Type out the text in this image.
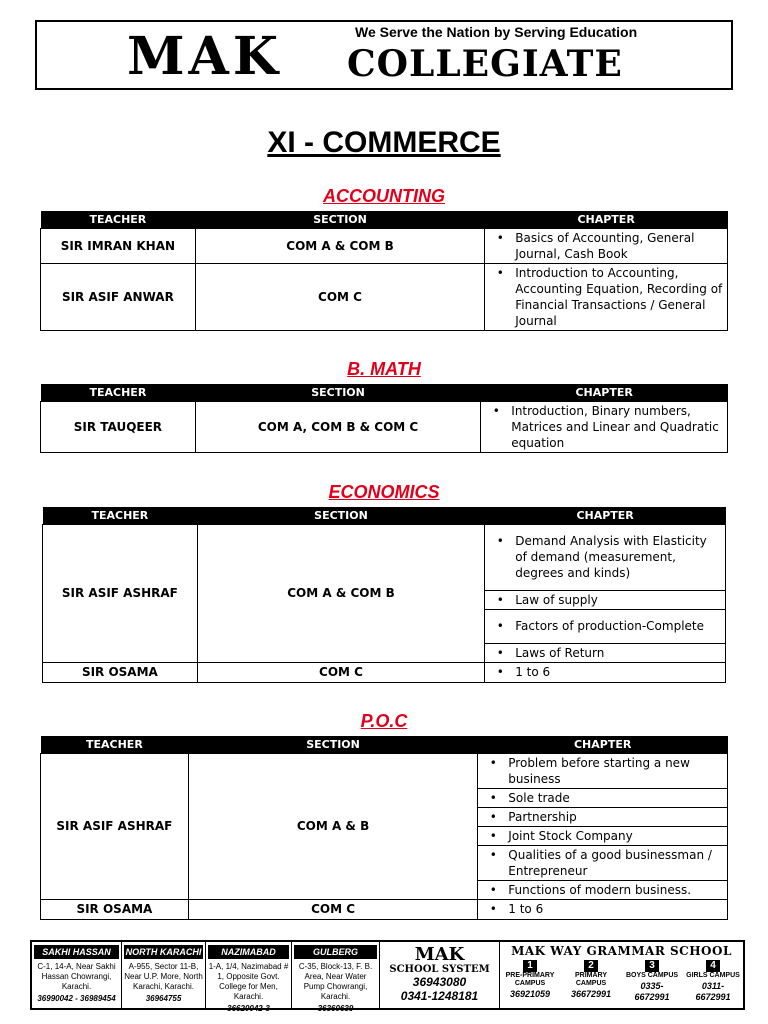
We Serve the Nation by Serving Education
MAK COLLEGIATE
XI - COMMERCE
ACCOUNTING
TEACHER	SECTION	CHAPTER
SIR IMRAN KHAN	COM A & COM B	• Basics of Accounting, General Journal, Cash Book

SIR ASIF ANWAR	COM C	• Introduction to Accounting, Accounting Equation, Recording of Financial Transactions / General Journal
B. MATH
TEACHER	SECTION	CHAPTER
SIR TAUQEER	COM A, COM B & COM C	• Introduction, Binary numbers, Matrices and Linear and Quadratic equation
ECONOMICS
TEACHER	SECTION	CHAPTER
SIR ASIF ASHRAF	COM A & COM B	• Demand Analysis with Elasticity of demand (measurement, degrees and kinds)

		• Law of supply

		• Factors of production-Complete

		• Laws of Return

SIR OSAMA	COM C	• 1 to 6
P.O.C
TEACHER	SECTION	CHAPTER
SIR ASIF ASHRAF	COM A & B	• Problem before starting a new business

		• Sole trade

		• Partnership

		• Joint Stock Company

		• Qualities of a good businessman / Entrepreneur

		• Functions of modern business.

SIR OSAMA	COM C	• 1 to 6
SAKHI HASSAN
C-1, 14-A, Near Sakhi Hassan Chowrangi, Karachi.
36990042 - 36989454
NORTH KARACHI
A-955, Sector 11-B, Near U.P. More, North Karachi, Karachi.
36964755
NAZIMABAD
1-A, 1/4, Nazimabad # 1, Opposite Govt. College for Men, Karachi.
36620042-3
GULBERG
C-35, Block-13, F. B. Area, Near Water Pump Chowrangi, Karachi.
36360639
MAK
SCHOOL SYSTEM
36943080
0341-1248181
MAK WAY GRAMMAR SCHOOL
1
PRE-PRIMARY CAMPUS
36921059
2
PRIMARY CAMPUS
36672991
3
BOYS CAMPUS
0335-6672991
4
GIRLS CAMPUS
0311-6672991
